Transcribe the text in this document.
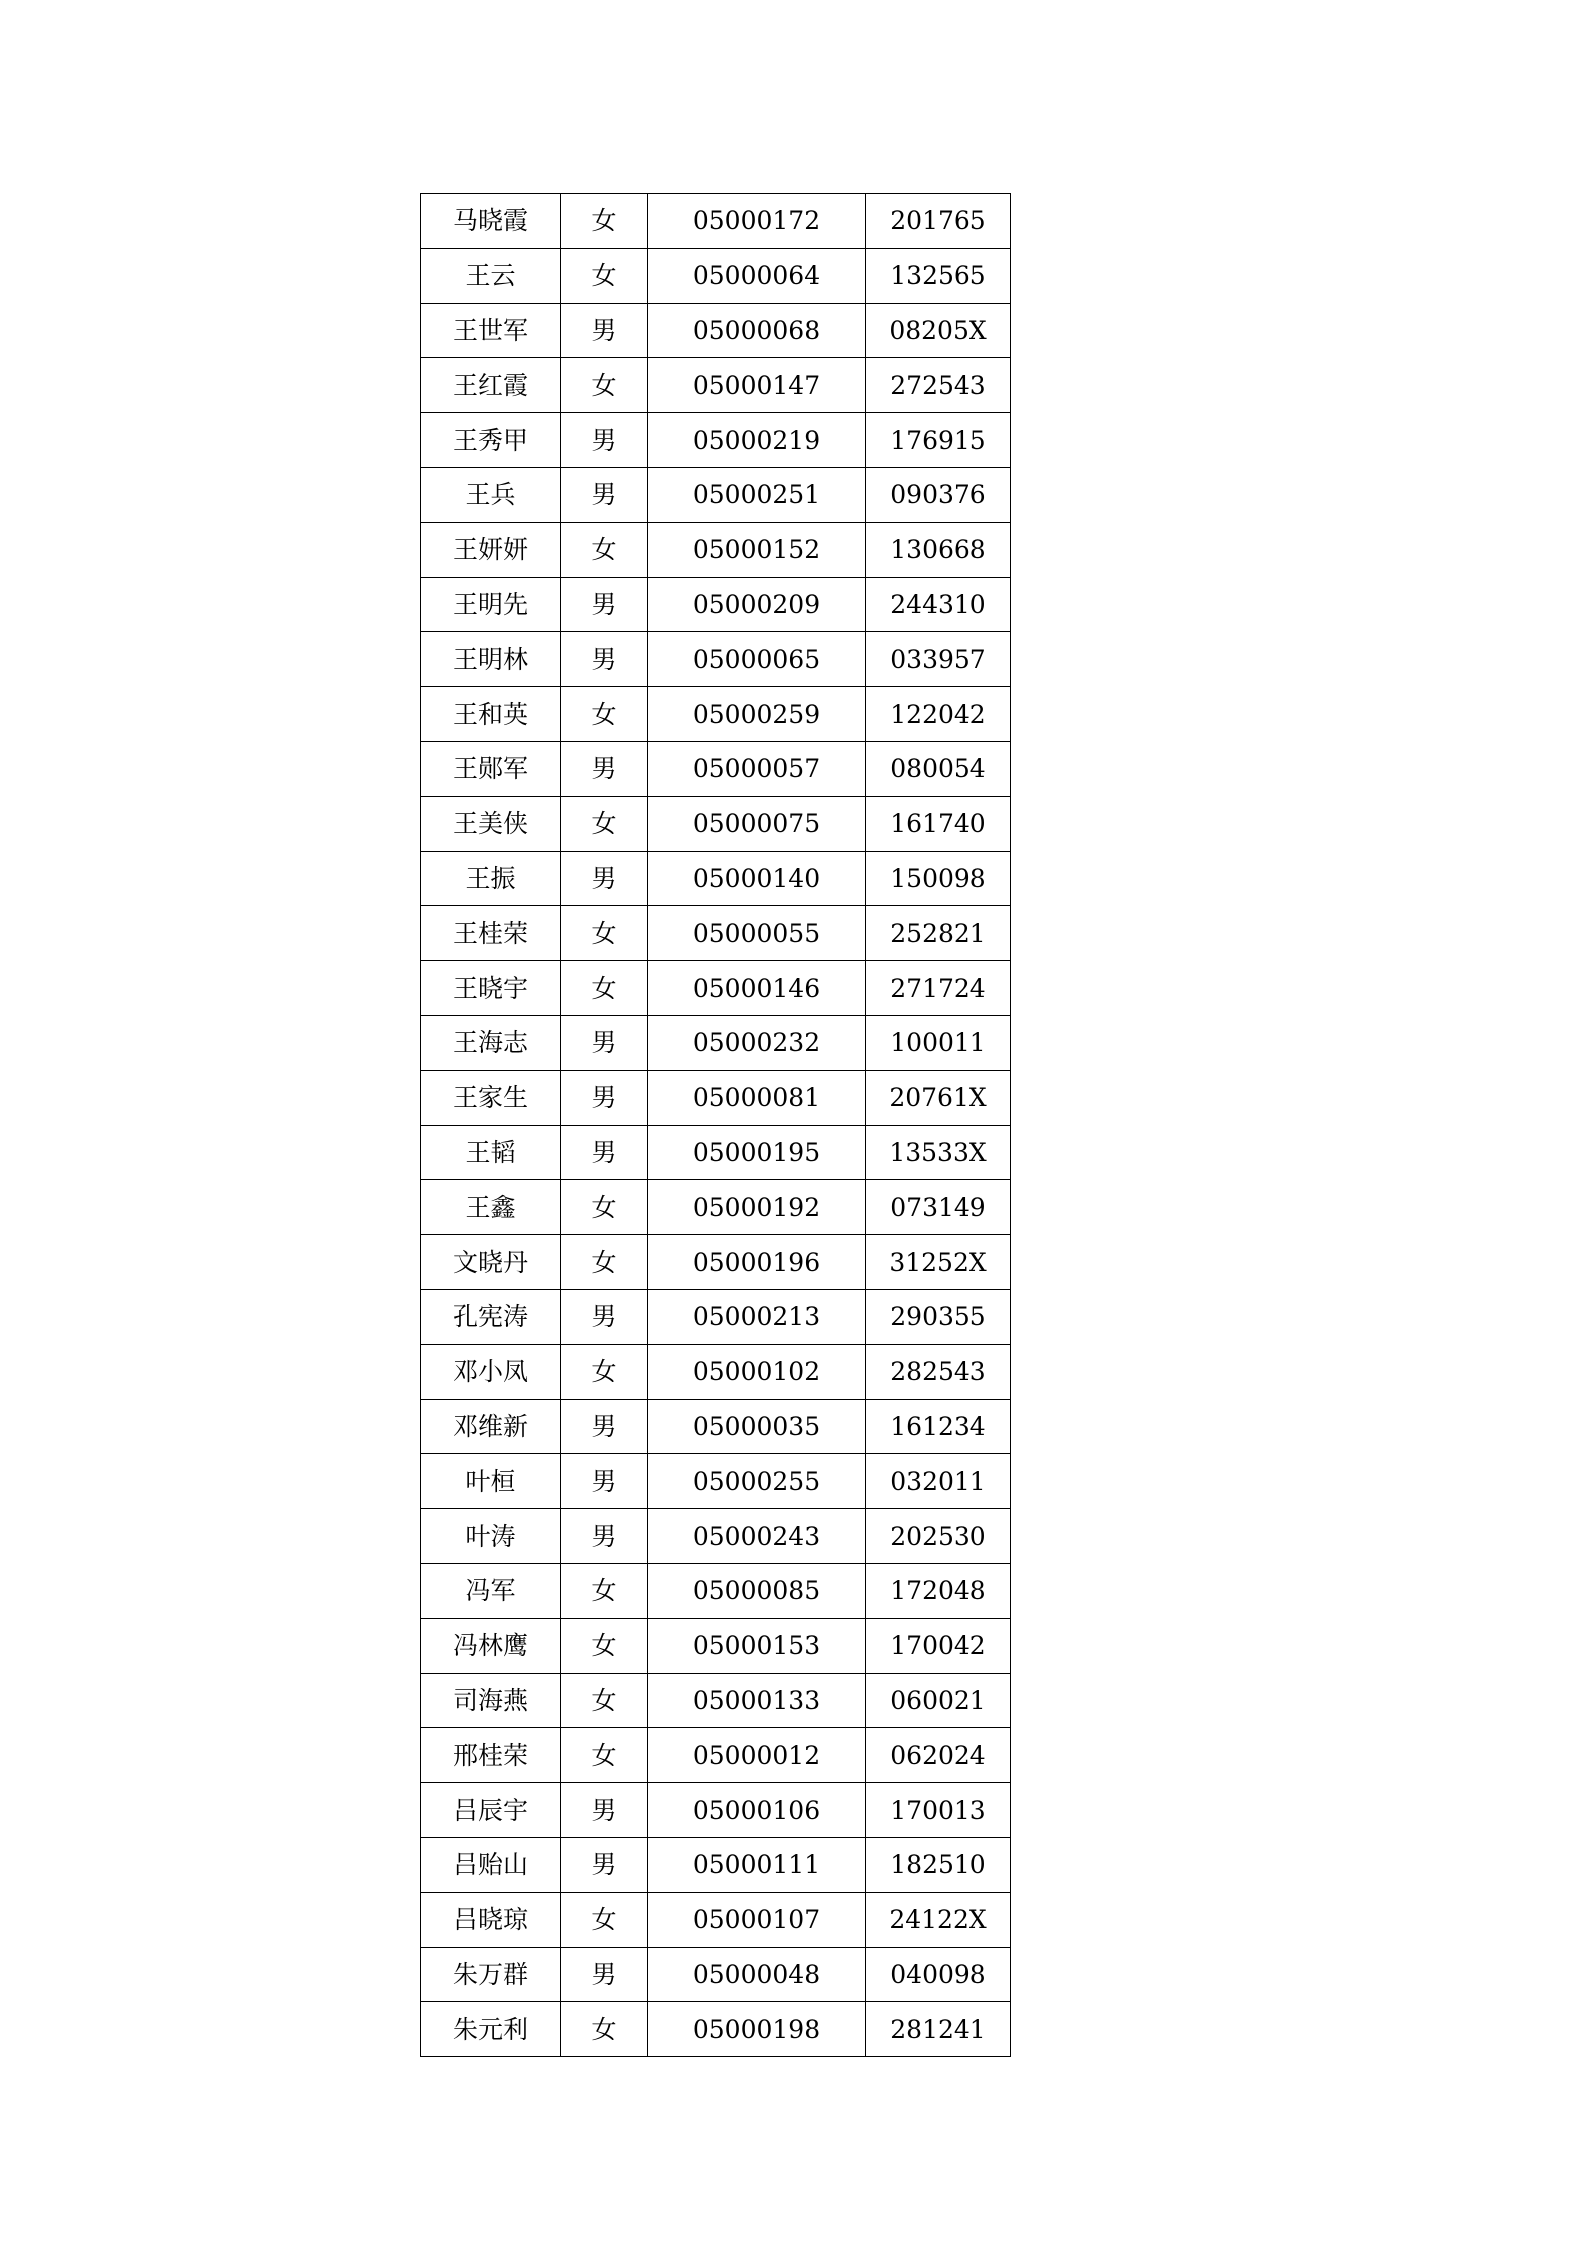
马晓霞	女	05000172	201765
王云	女	05000064	132565
王世军	男	05000068	08205X
王红霞	女	05000147	272543
王秀甲	男	05000219	176915
王兵	男	05000251	090376
王妍妍	女	05000152	130668
王明先	男	05000209	244310
王明林	男	05000065	033957
王和英	女	05000259	122042
王郧军	男	05000057	080054
王美侠	女	05000075	161740
王振	男	05000140	150098
王桂荣	女	05000055	252821
王晓宇	女	05000146	271724
王海志	男	05000232	100011
王家生	男	05000081	20761X
王韬	男	05000195	13533X
王鑫	女	05000192	073149
文晓丹	女	05000196	31252X
孔宪涛	男	05000213	290355
邓小凤	女	05000102	282543
邓维新	男	05000035	161234
叶桓	男	05000255	032011
叶涛	男	05000243	202530
冯军	女	05000085	172048
冯林鹰	女	05000153	170042
司海燕	女	05000133	060021
邢桂荣	女	05000012	062024
吕辰宇	男	05000106	170013
吕贻山	男	05000111	182510
吕晓琼	女	05000107	24122X
朱万群	男	05000048	040098
朱元利	女	05000198	281241
